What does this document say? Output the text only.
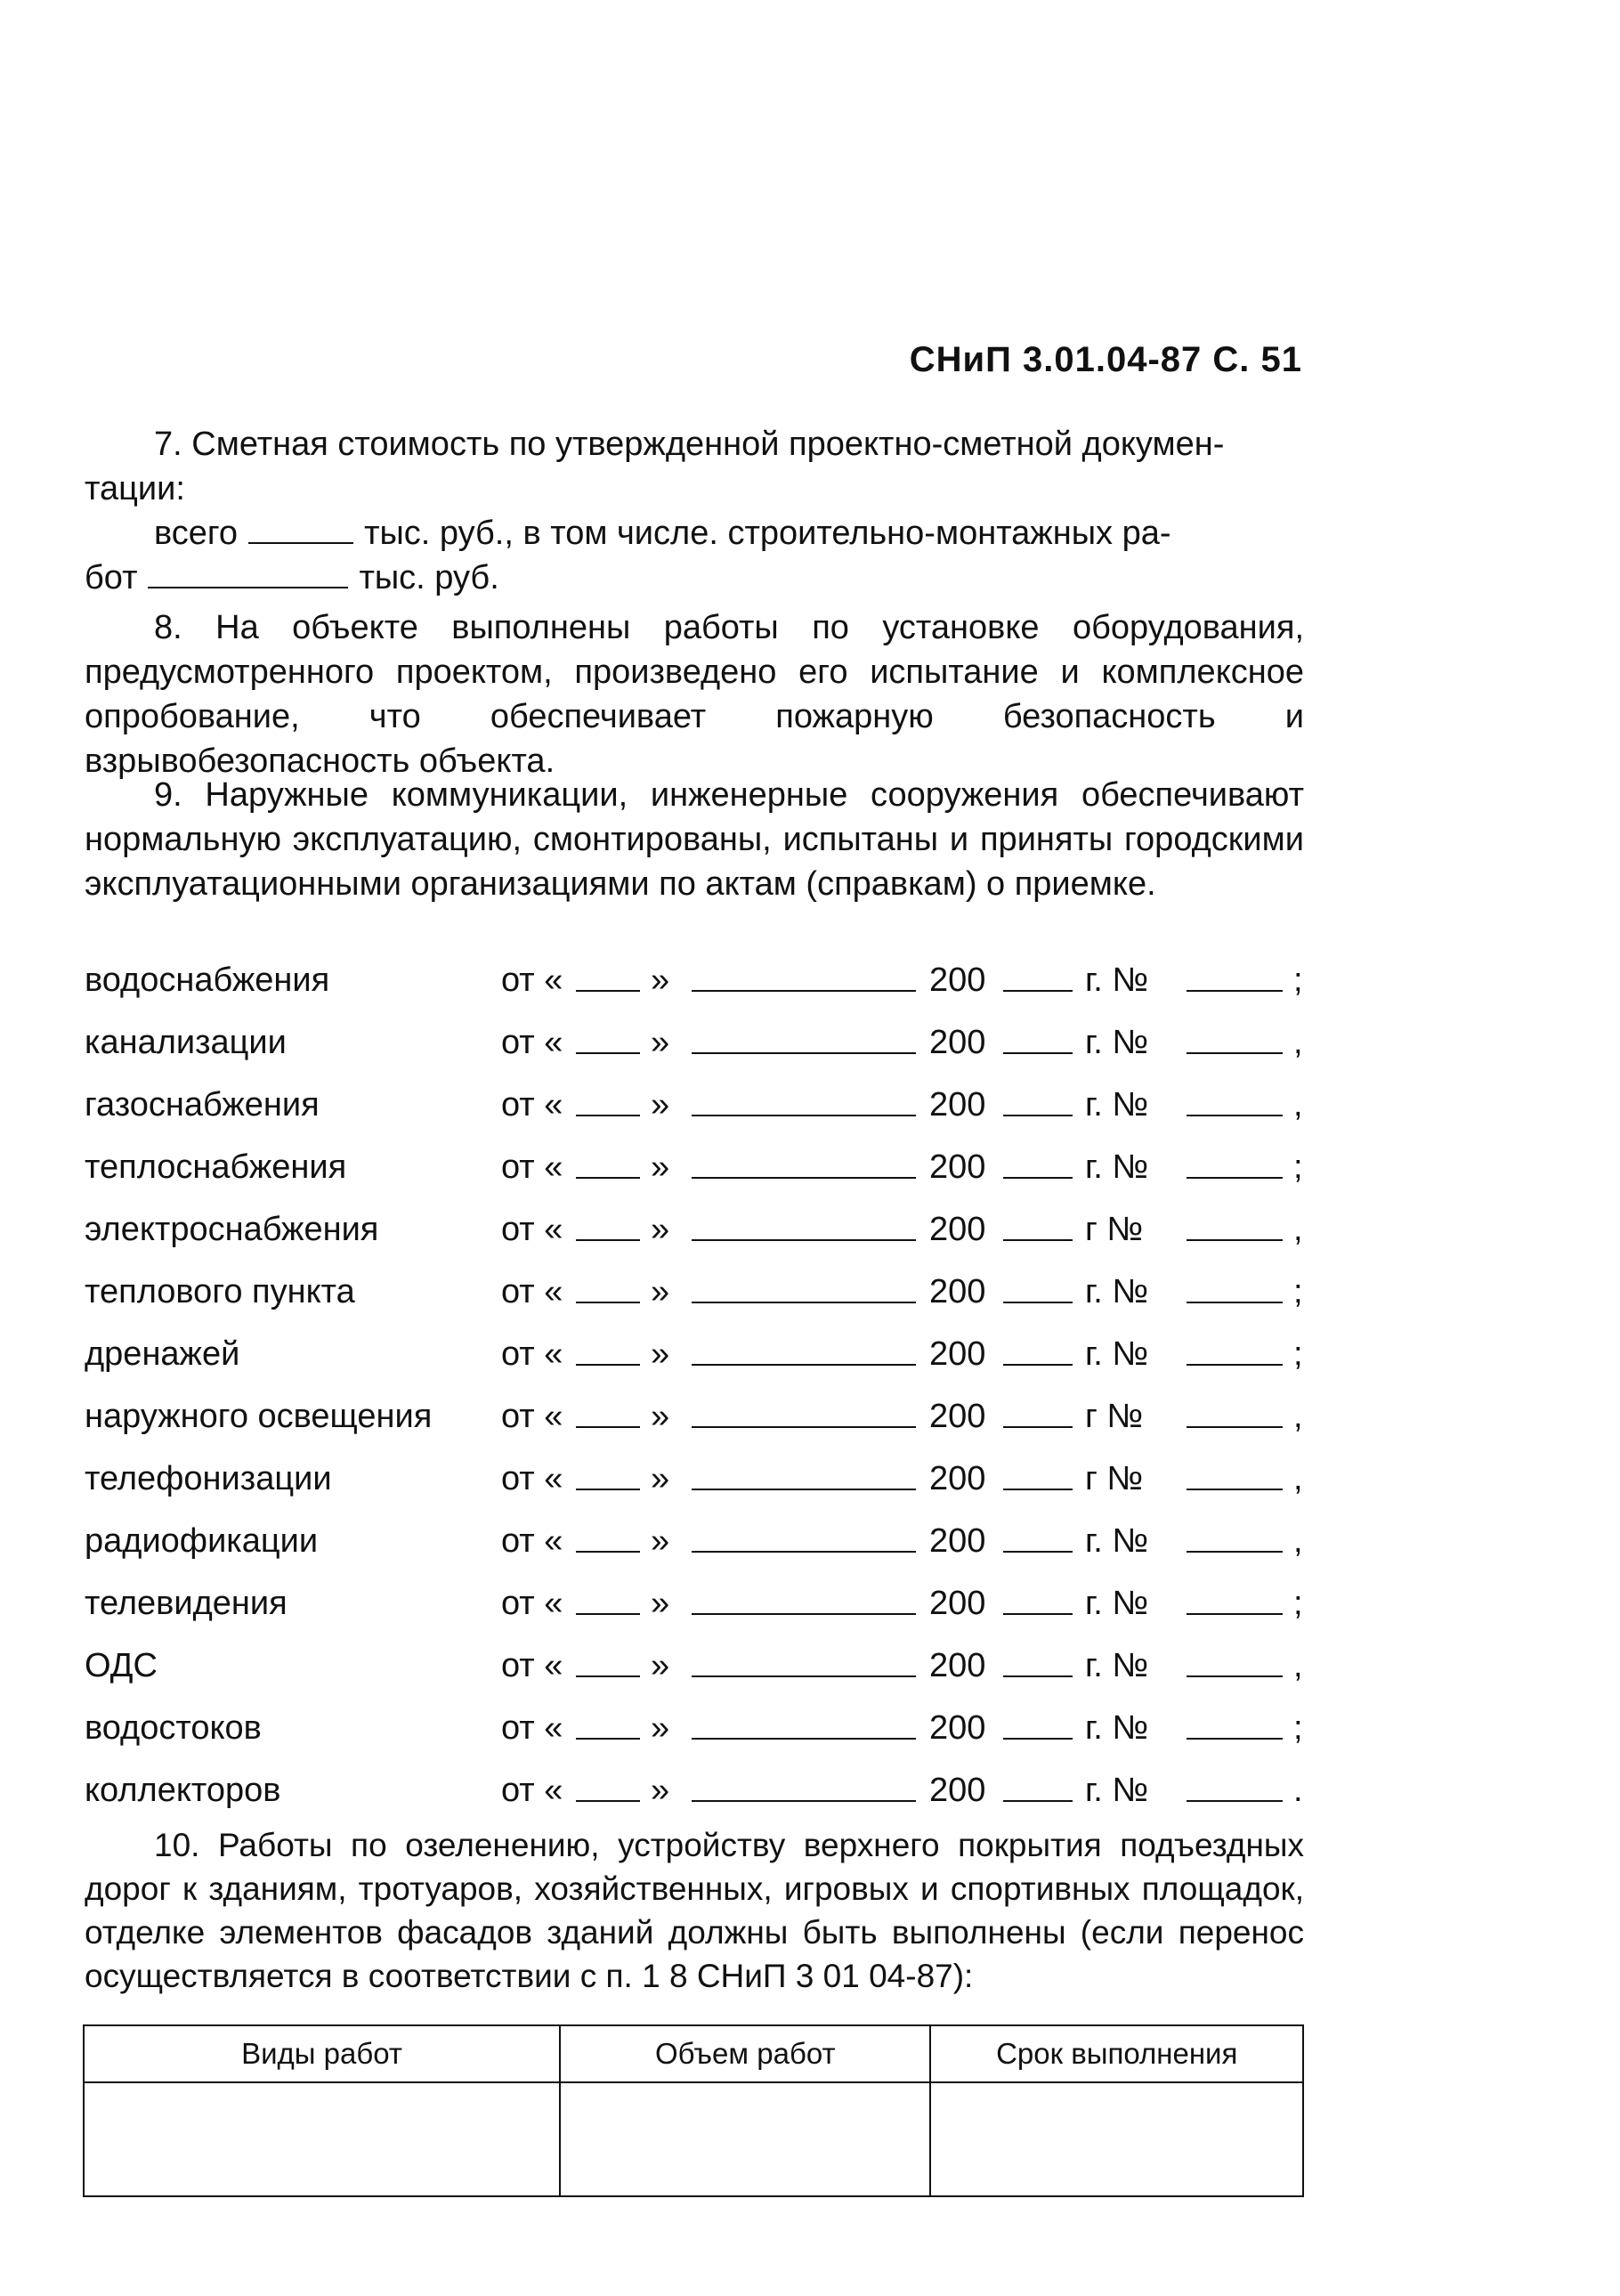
СНиП 3.01.04-87 С. 51
7. Сметная стоимость по утвержденной проектно-сметной докумен-
тации:
всего	тыс. руб., в том числе. строительно-монтажных ра-
бот	тыс. руб.

8. На объекте выполнены работы по установке оборудования, предусмотренного проектом, произведено его испытание и комплексное опробование, что обеспечивает пожарную безопасность и взрывобезопасность объекта.

9. Наружные коммуникации, инженерные сооружения обеспечивают нормальную эксплуатацию, смонтированы, испытаны и приняты городскими эксплуатационными организациями по актам (справкам) о приемке.

водоснабжения	от «	»	200	г. №	;
канализации	от «	»	200	г. №	,
газоснабжения	от «	»	200	г. №	,
теплоснабжения	от «	»	200	г. №	;
электроснабжения	от «	»	200	г №	,
теплового пункта	от «	»	200	г. №	;
дренажей	от «	»	200	г. №	;
наружного освещения от «	»	200	г №	,
телефонизации	от «	»	200	г №	,
радиофикации	от «	»	200	г. №	,
телевидения	от «	»	200	г. №	;
ОДС	от «	»	200	г. №	,
водостоков	от «	»	200	г. №	;
коллекторов	от «	»	200	г. №	.

10. Работы по озеленению, устройству верхнего покрытия подъездных дорог к зданиям, тротуаров, хозяйственных, игровых и спортивных площадок, отделке элементов фасадов зданий должны быть выполнены (если перенос осуществляется в соответствии с п. 1 8 СНиП 3 01 04-87):

Виды работ	Объем работ	Срок выполнения
